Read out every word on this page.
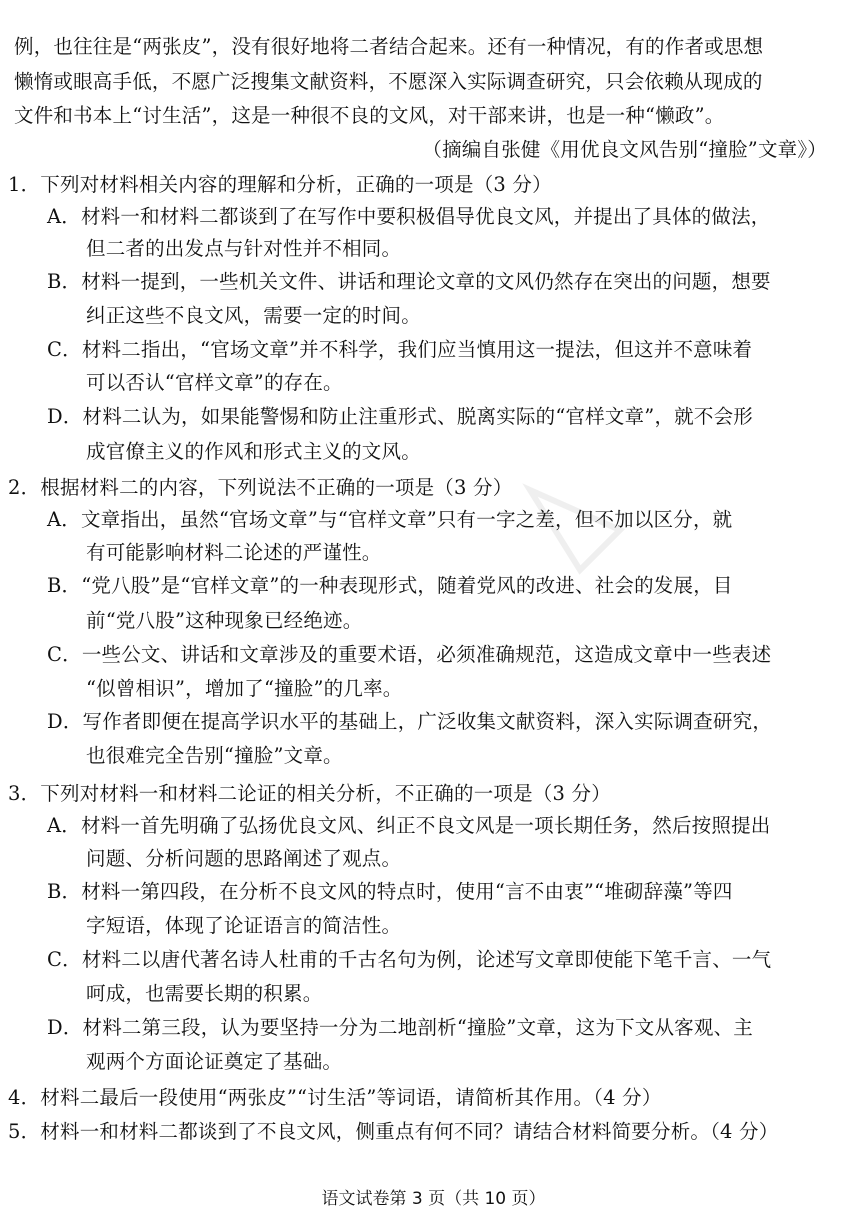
例，也往往是“两张皮”，没有很好地将二者结合起来。还有一种情况，有的作者或思想
懒惰或眼高手低，不愿广泛搜集文献资料，不愿深入实际调查研究，只会依赖从现成的
文件和书本上“讨生活”，这是一种很不良的文风，对干部来讲，也是一种“懒政”。
（摘编自张健《用优良文风告别“撞脸”文章》）
1．下列对材料相关内容的理解和分析，正确的一项是（3 分）
A．材料一和材料二都谈到了在写作中要积极倡导优良文风，并提出了具体的做法，
但二者的出发点与针对性并不相同。
B．材料一提到，一些机关文件、讲话和理论文章的文风仍然存在突出的问题，想要
纠正这些不良文风，需要一定的时间。
C．材料二指出，“官场文章”并不科学，我们应当慎用这一提法，但这并不意味着
可以否认“官样文章”的存在。
D．材料二认为，如果能警惕和防止注重形式、脱离实际的“官样文章”，就不会形
成官僚主义的作风和形式主义的文风。
2．根据材料二的内容，下列说法不正确的一项是（3 分）
A．文章指出，虽然“官场文章”与“官样文章”只有一字之差，但不加以区分，就
有可能影响材料二论述的严谨性。
B．“党八股”是“官样文章”的一种表现形式，随着党风的改进、社会的发展，目
前“党八股”这种现象已经绝迹。
C．一些公文、讲话和文章涉及的重要术语，必须准确规范，这造成文章中一些表述
“似曾相识”，增加了“撞脸”的几率。
D．写作者即便在提高学识水平的基础上，广泛收集文献资料，深入实际调查研究，
也很难完全告别“撞脸”文章。
3．下列对材料一和材料二论证的相关分析，不正确的一项是（3 分）
A．材料一首先明确了弘扬优良文风、纠正不良文风是一项长期任务，然后按照提出
问题、分析问题的思路阐述了观点。
B．材料一第四段，在分析不良文风的特点时，使用“言不由衷”“堆砌辞藻”等四
字短语，体现了论证语言的简洁性。
C．材料二以唐代著名诗人杜甫的千古名句为例，论述写文章即使能下笔千言、一气
呵成，也需要长期的积累。
D．材料二第三段，认为要坚持一分为二地剖析“撞脸”文章，这为下文从客观、主
观两个方面论证奠定了基础。
4．材料二最后一段使用“两张皮”“讨生活”等词语，请简析其作用。（4 分）
5．材料一和材料二都谈到了不良文风，侧重点有何不同？请结合材料简要分析。（4 分）
语文试卷第 3 页（共 10 页）
